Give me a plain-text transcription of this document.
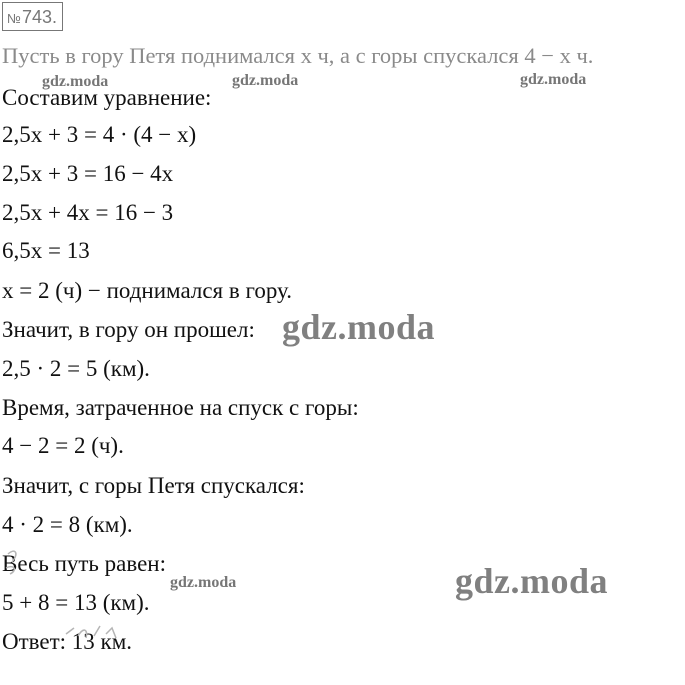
№743.
Пусть в гору Петя поднимался x ч, а с горы спускался 4 − x ч.
Составим уравнение:
2,5x + 3 = 4 · (4 − x)
2,5x + 3 = 16 − 4x
2,5x + 4x = 16 − 3
6,5x = 13
x = 2 (ч) − поднимался в гору.
Значит, в гору он прошел:
2,5 · 2 = 5 (км).
Время, затраченное на спуск с горы:
4 − 2 = 2 (ч).
Значит, с горы Петя спускался:
4 · 2 = 8 (км).
Весь путь равен:
5 + 8 = 13 (км).
Ответ: 13 км.
gdz.moda	gdz.moda	gdz.moda
gdz.moda
gdz.moda
gdz.moda
